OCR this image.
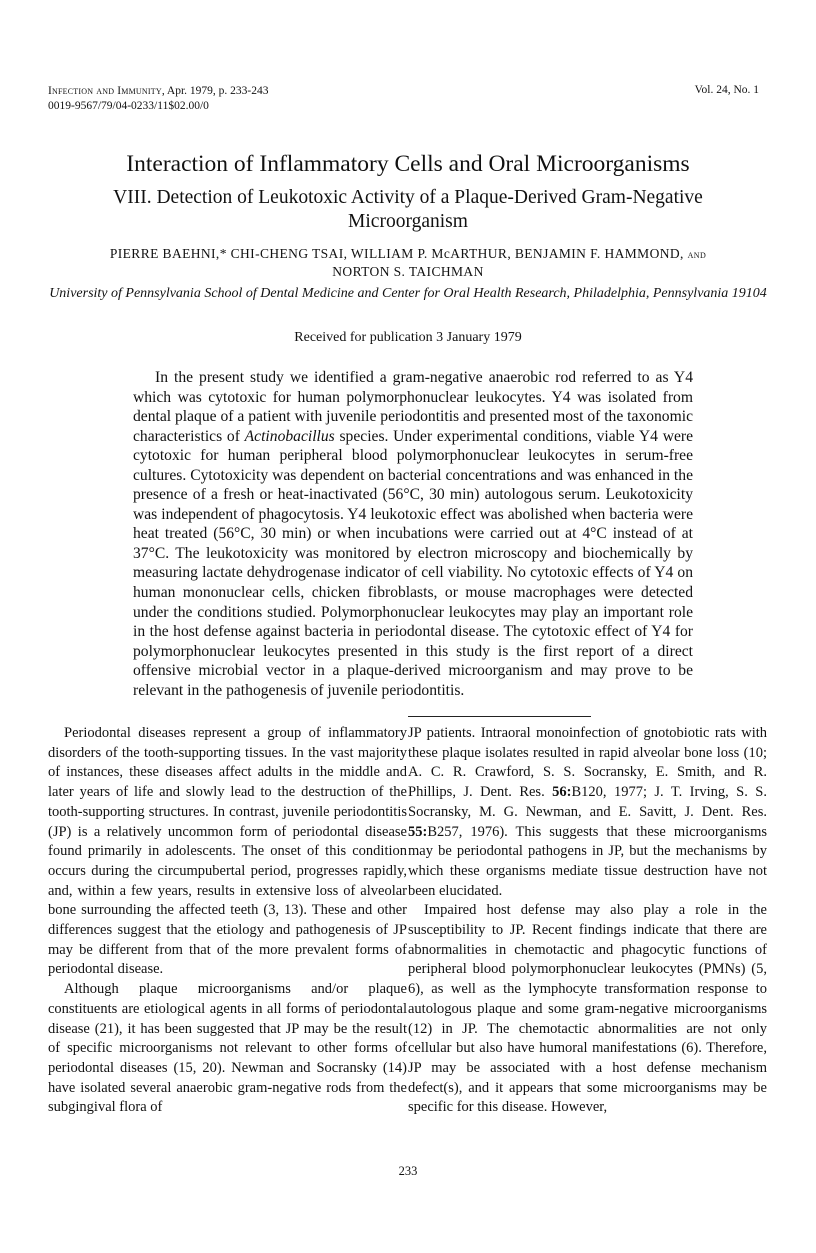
Infection and Immunity, Apr. 1979, p. 233-243
0019-9567/79/04-0233/11$02.00/0
Vol. 24, No. 1
Interaction of Inflammatory Cells and Oral Microorganisms
VIII. Detection of Leukotoxic Activity of a Plaque-Derived Gram-Negative Microorganism
PIERRE BAEHNI,* CHI-CHENG TSAI, WILLIAM P. McARTHUR, BENJAMIN F. HAMMOND, and
NORTON S. TAICHMAN
University of Pennsylvania School of Dental Medicine and Center for Oral Health Research, Philadelphia, Pennsylvania 19104
Received for publication 3 January 1979

In the present study we identified a gram-negative anaerobic rod referred to as Y4 which was cytotoxic for human polymorphonuclear leukocytes. Y4 was isolated from dental plaque of a patient with juvenile periodontitis and presented most of the taxonomic characteristics of Actinobacillus species. Under experimental conditions, viable Y4 were cytotoxic for human peripheral blood polymorphonuclear leukocytes in serum-free cultures. Cytotoxicity was dependent on bacterial concentrations and was enhanced in the presence of a fresh or heat-inactivated (56°C, 30 min) autologous serum. Leukotoxicity was independent of phagocytosis. Y4 leukotoxic effect was abolished when bacteria were heat treated (56°C, 30 min) or when incubations were carried out at 4°C instead of at 37°C. The leukotoxicity was monitored by electron microscopy and biochemically by measuring lactate dehydrogenase indicator of cell viability. No cytotoxic effects of Y4 on human mononuclear cells, chicken fibroblasts, or mouse macrophages were detected under the conditions studied. Polymorphonuclear leukocytes may play an important role in the host defense against bacteria in periodontal disease. The cytotoxic effect of Y4 for polymorphonuclear leukocytes presented in this study is the first report of a direct offensive microbial vector in a plaque-derived microorganism and may prove to be relevant in the pathogenesis of juvenile periodontitis.

Periodontal diseases represent a group of inflammatory disorders of the tooth-supporting tissues. In the vast majority of instances, these diseases affect adults in the middle and later years of life and slowly lead to the destruction of the tooth-supporting structures. In contrast, juvenile periodontitis (JP) is a relatively uncommon form of periodontal disease found primarily in adolescents. The onset of this condition occurs during the circumpubertal period, progresses rapidly, and, within a few years, results in extensive loss of alveolar bone surrounding the affected teeth (3, 13). These and other differences suggest that the etiology and pathogenesis of JP may be different from that of the more prevalent forms of periodontal disease.

Although plaque microorganisms and/or plaque constituents are etiological agents in all forms of periodontal disease (21), it has been suggested that JP may be the result of specific microorganisms not relevant to other forms of periodontal diseases (15, 20). Newman and Socransky (14) have isolated several anaerobic gram-negative rods from the subgingival flora of

JP patients. Intraoral monoinfection of gnotobiotic rats with these plaque isolates resulted in rapid alveolar bone loss (10; A. C. R. Crawford, S. S. Socransky, E. Smith, and R. Phillips, J. Dent. Res. 56:B120, 1977; J. T. Irving, S. S. Socransky, M. G. Newman, and E. Savitt, J. Dent. Res. 55:B257, 1976). This suggests that these microorganisms may be periodontal pathogens in JP, but the mechanisms by which these organisms mediate tissue destruction have not been elucidated.

Impaired host defense may also play a role in the susceptibility to JP. Recent findings indicate that there are abnormalities in chemotactic and phagocytic functions of peripheral blood polymorphonuclear leukocytes (PMNs) (5, 6), as well as the lymphocyte transformation response to autologous plaque and some gram-negative microorganisms (12) in JP. The chemotactic abnormalities are not only cellular but also have humoral manifestations (6). Therefore, JP may be associated with a host defense mechanism defect(s), and it appears that some microorganisms may be specific for this disease. However,

233
